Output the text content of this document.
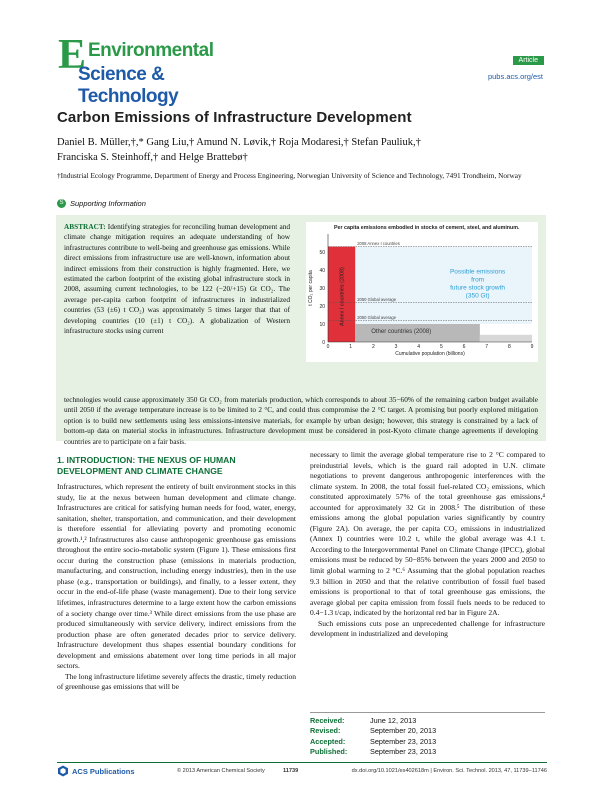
E Environmental
Science & Technology
Article
pubs.acs.org/est
Carbon Emissions of Infrastructure Development
Daniel B. Müller,†,* Gang Liu,† Amund N. Løvik,† Roja Modaresi,† Stefan Pauliuk,†
Franciska S. Steinhoff,† and Helge Brattebø†
†Industrial Ecology Programme, Department of Energy and Process Engineering, Norwegian University of Science and Technology, 7491 Trondheim, Norway
S Supporting Information
ABSTRACT: Identifying strategies for reconciling human development and climate change mitigation requires an adequate understanding of how infrastructures contribute to well-being and greenhouse gas emissions. While direct emissions from infrastructure use are well-known, information about indirect emissions from their construction is highly fragmented. Here, we estimated the carbon footprint of the existing global infrastructure stock in 2008, assuming current technologies, to be 122 (−20/+15) Gt CO₂. The average per-capita carbon footprint of infrastructures in industrialized countries (53 (±6) t CO₂) was approximately 5 times larger that that of developing countries (10 (±1) t CO₂). A globalization of Western infrastructure stocks using current
0
10
20
30
40
50
0	1	2	3	4	5	6	7	8	9
Cumulative population (billions)
t CO₂ per capita	Annex I countries (2008)
Other countries (2008)
2008 Annex I countries
2050 Global average
2050 Global average
Possible emissions
from
future stock growth
(350 Gt)
Per capita emissions embodied in stocks of cement, steel, and aluminum.
technologies would cause approximately 350 Gt CO₂ from materials production, which corresponds to about 35−60% of the remaining carbon budget available until 2050 if the average temperature increase is to be limited to 2 °C, and could thus compromise the 2 °C target. A promising but poorly explored mitigation option is to build new settlements using less emissions-intensive materials, for example by urban design; however, this strategy is constrained by a lack of bottom-up data on material stocks in infrastructures. Infrastructure development must be considered in post-Kyoto climate change agreements if developing countries are to participate on a fair basis.
1. INTRODUCTION: THE NEXUS OF HUMAN DEVELOPMENT AND CLIMATE CHANGE

Infrastructures, which represent the entirety of built environment stocks in this study, lie at the nexus between human development and climate change. Infrastructures are critical for satisfying human needs for food, water, energy, sanitation, shelter, transportation, and communication, and their development is therefore essential for alleviating poverty and promoting economic growth.¹,² Infrastructures also cause anthropogenic greenhouse gas emissions throughout the entire socio-metabolic system (Figure 1). These emissions first occur during the construction phase (emissions in materials production, manufacturing, and construction, including energy industries), then in the use phase (e.g., transportation or buildings), and finally, to a lesser extent, they occur in the end-of-life phase (waste management). Due to their long service lifetimes, infrastructures determine to a large extent how the carbon emissions of a society change over time.³ While direct emissions from the use phase are produced simultaneously with service delivery, indirect emissions from the production phase are often generated decades prior to service delivery. Infrastructure development thus shapes essential boundary conditions for development and emissions abatement over long time periods in all major sectors.

The long infrastructure lifetime severely affects the drastic, timely reduction of greenhouse gas emissions that will be

necessary to limit the average global temperature rise to 2 °C compared to preindustrial levels, which is the guard rail adopted in U.N. climate negotiations to prevent dangerous anthropogenic interferences with the climate system. In 2008, the total fossil fuel-related CO₂ emissions, which constituted approximately 57% of the total greenhouse gas emissions,⁴ accounted for approximately 32 Gt in 2008.⁵ The distribution of these emissions among the global population varies significantly by country (Figure 2A). On average, the per capita CO₂ emissions in industrialized (Annex I) countries were 10.2 t, while the global average was 4.1 t. According to the Intergovernmental Panel on Climate Change (IPCC), global emissions must be reduced by 50−85% between the years 2000 and 2050 to limit global warming to 2 °C.⁶ Assuming that the global population reaches 9.3 billion in 2050 and that the relative contribution of fossil fuel based emissions is proportional to that of total greenhouse gas emissions, the average global per capita emission from fossil fuels needs to be reduced to 0.4−1.3 t/cap, indicated by the horizontal red bar in Figure 2A.

Such emissions cuts pose an unprecedented challenge for infrastructure development in industrialized and developing

Received:	June 12, 2013
Revised:	September 20, 2013
Accepted:	September 23, 2013
Published:	September 23, 2013
ACS Publications	© 2013 American Chemical Society	11739	dx.doi.org/10.1021/es402618m | Environ. Sci. Technol. 2013, 47, 11739−11746
